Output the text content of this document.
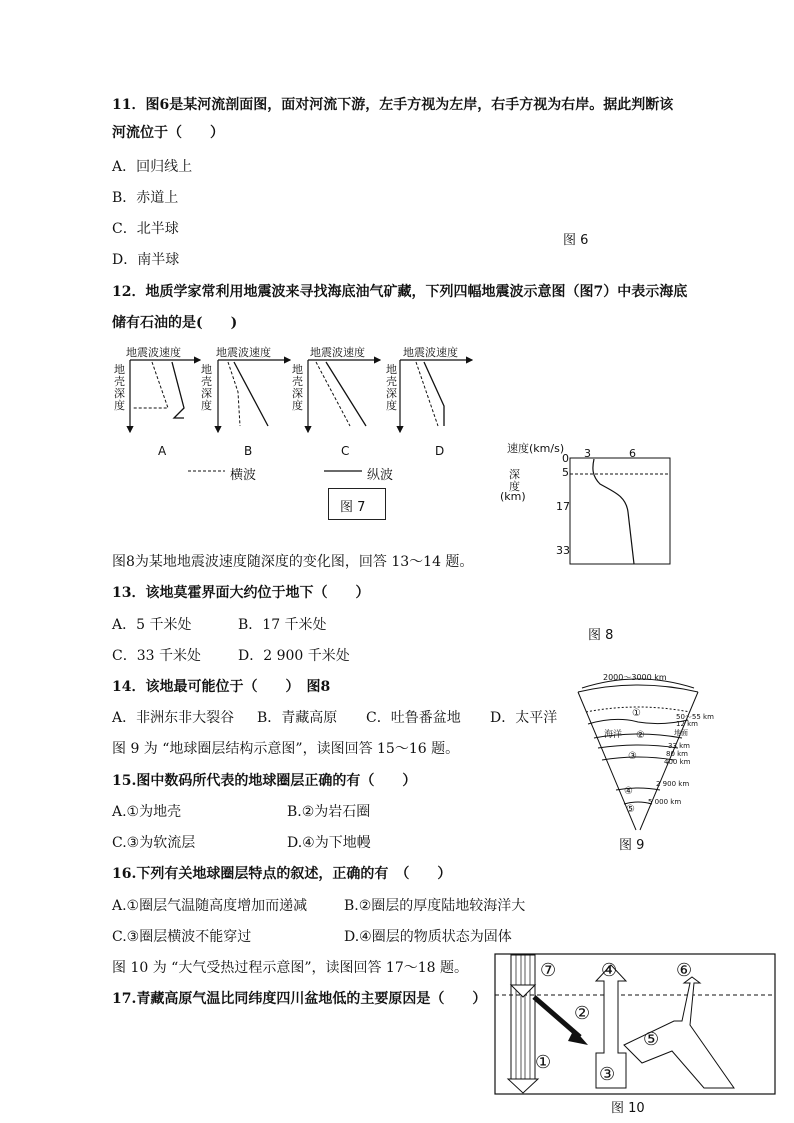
11．图6是某河流剖面图，面对河流下游，左手方视为左岸，右手方视为右岸。据此判断该
河流位于（　　）
A．回归线上
B．赤道上
C．北半球
D．南半球
图 6
12．地质学家常利用地震波来寻找海底油气矿藏，下列四幅地震波示意图（图7）中表示海底
储有石油的是(　　)
地震波速度	地震波速度	地震波速度	地震波速度
地壳深度
地壳深度
地壳深度
地壳深度
A	B	C	D
横波	纵波
图 7
速度(km/s) 3	6
0
5
17
33
深
度
(km)
图8为某地地震波速度随深度的变化图，回答 13～14 题。
13．该地莫霍界面大约位于地下（　　）
A．5 千米处	B．17 千米处
C．33 千米处	D．2 900 千米处
图 8
14．该地最可能位于（　　）　图8
A．非洲东非大裂谷 B．青藏高原 C．吐鲁番盆地 D．太平洋
2000～3000 km
①
海洋 ②
③
④
⑤
50～55 km
12 km
地面
33 km
80 km
400 km
2 900 km
5 000 km
图 9
图 9 为 “地球圈层结构示意图”，读图回答 15～16 题。
15.图中数码所代表的地球圈层正确的有（　　）
A.①为地壳	B.②为岩石圈
C.③为软流层	D.④为下地幔
16.下列有关地球圈层特点的叙述，正确的有　（　　）
A.①圈层气温随高度增加而递减	B.②圈层的厚度陆地较海洋大
C.③圈层横波不能穿过	D.④圈层的物质状态为固体
图 10 为 “大气受热过程示意图”，读图回答 17～18 题。
17.青藏高原气温比同纬度四川盆地低的主要原因是（　　）
⑦ ④	⑥
②
⑤
①
③
图 10
